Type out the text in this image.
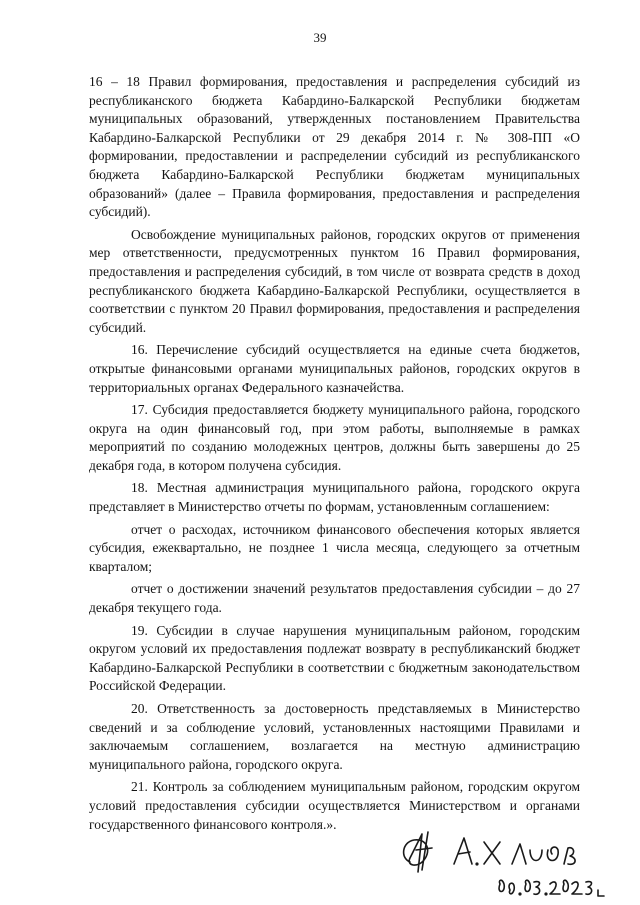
39

16 – 18 Правил формирования, предоставления и распределения субсидий из республиканского бюджета Кабардино-Балкарской Республики бюджетам муниципальных образований, утвержденных постановлением Правительства Кабардино-Балкарской Республики от 29 декабря 2014 г. № 308-ПП «О формировании, предоставлении и распределении субсидий из республиканского бюджета Кабардино-Балкарской Республики бюджетам муниципальных образований» (далее – Правила формирования, предоставления и распределения субсидий).

Освобождение муниципальных районов, городских округов от применения мер ответственности, предусмотренных пунктом 16 Правил формирования, предоставления и распределения субсидий, в том числе от возврата средств в доход республиканского бюджета Кабардино-Балкарской Республики, осуществляется в соответствии с пунктом 20 Правил формирования, предоставления и распределения субсидий.

16. Перечисление субсидий осуществляется на единые счета бюджетов, открытые финансовыми органами муниципальных районов, городских округов в территориальных органах Федерального казначейства.

17. Субсидия предоставляется бюджету муниципального района, городского округа на один финансовый год, при этом работы, выполняемые в рамках мероприятий по созданию молодежных центров, должны быть завершены до 25 декабря года, в котором получена субсидия.

18. Местная администрация муниципального района, городского округа представляет в Министерство отчеты по формам, установленным соглашением:

отчет о расходах, источником финансового обеспечения которых является субсидия, ежеквартально, не позднее 1 числа месяца, следующего за отчетным кварталом;

отчет о достижении значений результатов предоставления субсидии – до 27 декабря текущего года.

19. Субсидии в случае нарушения муниципальным районом, городским округом условий их предоставления подлежат возврату в республиканский бюджет Кабардино-Балкарской Республики в соответствии с бюджетным законодательством Российской Федерации.

20. Ответственность за достоверность представляемых в Министерство сведений и за соблюдение условий, установленных настоящими Правилами и заключаемым соглашением, возлагается на местную администрацию муниципального района, городского округа.

21. Контроль за соблюдением муниципальным районом, городским округом условий предоставления субсидии осуществляется Министерством и органами государственного финансового контроля.».
